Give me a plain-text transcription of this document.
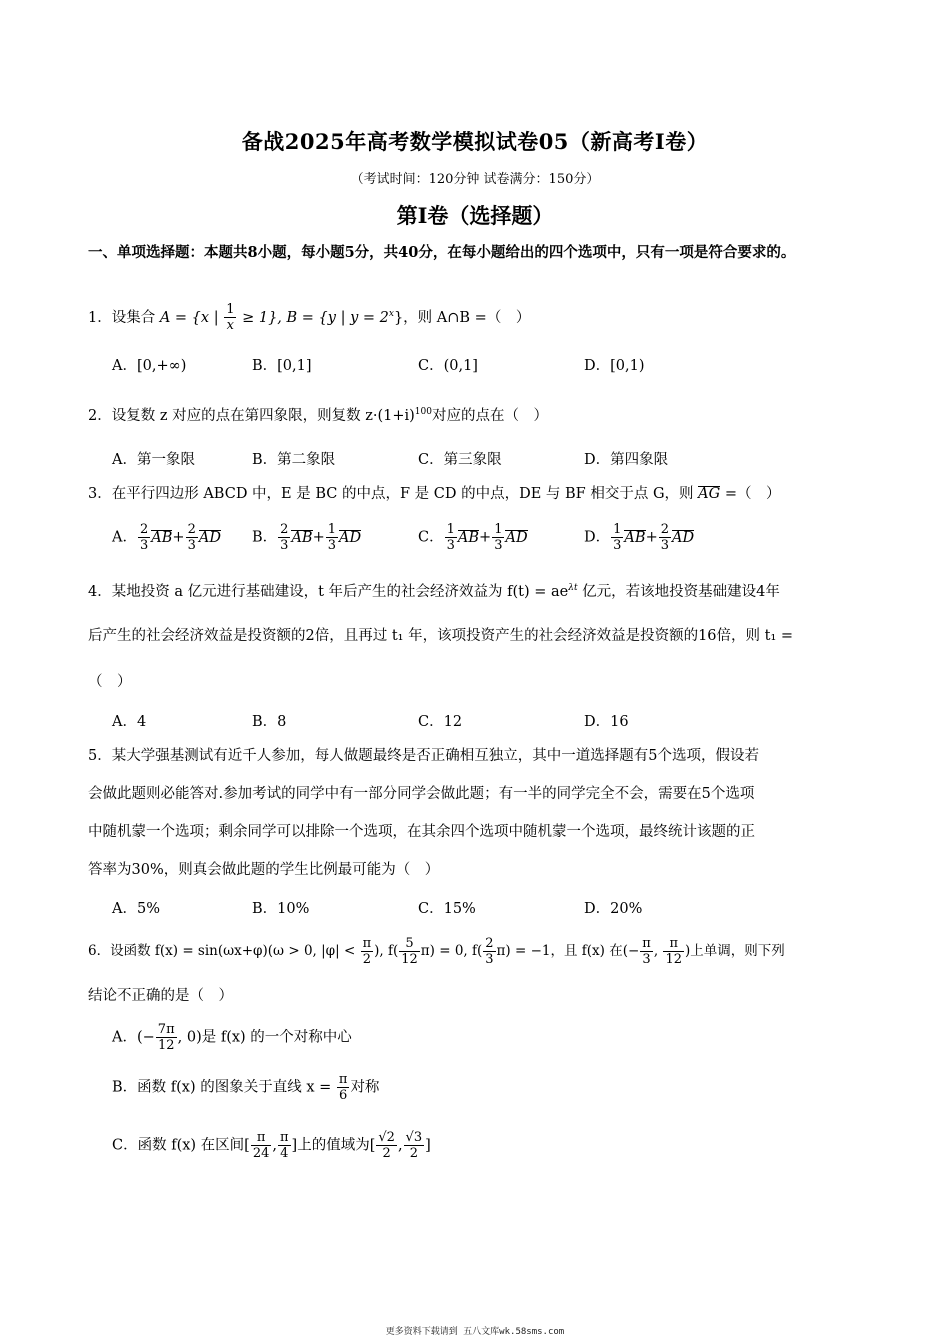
备战2025年高考数学模拟试卷05（新高考Ⅰ卷）
（考试时间：120分钟 试卷满分：150分）
第Ⅰ卷（选择题）
一、单项选择题：本题共8小题，每小题5分，共40分，在每小题给出的四个选项中，只有一项是符合要求的。
1．设集合 A = {x | $\frac{1}{x} \ge 1$}, B = {y | $y = 2^x$}，则 A∩B =（　）
A．[0,+∞)	B．[0,1]	C．(0,1]	D．[0,1)
2．设复数 z 对应的点在第四象限，则复数 $z\cdot(1+i)^{100}$对应的点在（　）
A．第一象限	B．第二象限	C．第三象限	D．第四象限
3．在平行四边形 ABCD 中，E 是 BC 的中点，F 是 CD 的中点，DE 与 BF 相交于点 G，则 AG =（　）
A． $\frac{2}{3} AB+ \frac{2}{3}$ AD B． $\frac{2}{3} AB+ \frac{1}{3}$ AD	C． $\frac{1}{3} AB+ \frac{1}{3}$ AD	D． $\frac{1}{3} AB+ \frac{2}{3}$ AD
4．某地投资 a 亿元进行基础建设，t 年后产生的社会经济效益为 $f(t) = ae^{\lambda t}$ 亿元，若该地投资基础建设4年
后产生的社会经济效益是投资额的2倍，且再过 t₁ 年，该项投资产生的社会经济效益是投资额的16倍，则 t₁ =
（　）
A．4	B．8	C．12	D．16
5．某大学强基测试有近千人参加，每人做题最终是否正确相互独立，其中一道选择题有5个选项，假设若
会做此题则必能答对.参加考试的同学中有一部分同学会做此题；有一半的同学完全不会，需要在5个选项
中随机蒙一个选项；剩余同学可以排除一个选项，在其余四个选项中随机蒙一个选项，最终统计该题的正
答率为30%，则真会做此题的学生比例最可能为（　）
A．5%	B．10%	C．15%	D．20%
6．设函数 f(x) = sin(ωx+φ)(ω > 0, $|\varphi| < \frac{\pi}{2}$ ), $f( \frac{5}{12} \pi) = 0$, $f( \frac{2}{3} \pi) = -1$，且 f(x) 在(− $\frac{\pi}{3}$ , $\frac{\pi}{12}$ )上单调，则下列
结论不正确的是（　）
A．(− $\frac{7\pi}{12}$ , 0)是 f(x) 的一个对称中心
B．函数 f(x) 的图象关于直线 $x = \frac{\pi}{6}$ 对称
C．函数 f(x) 在区间[ $\frac{\pi}{24}$ , $\frac{\pi}{4}$ ]上的值域为[ $\frac{√2}{2}$ , $\frac{√3}{2}$ ]
更多资料下载请到 五八文库wk.58sms.com
